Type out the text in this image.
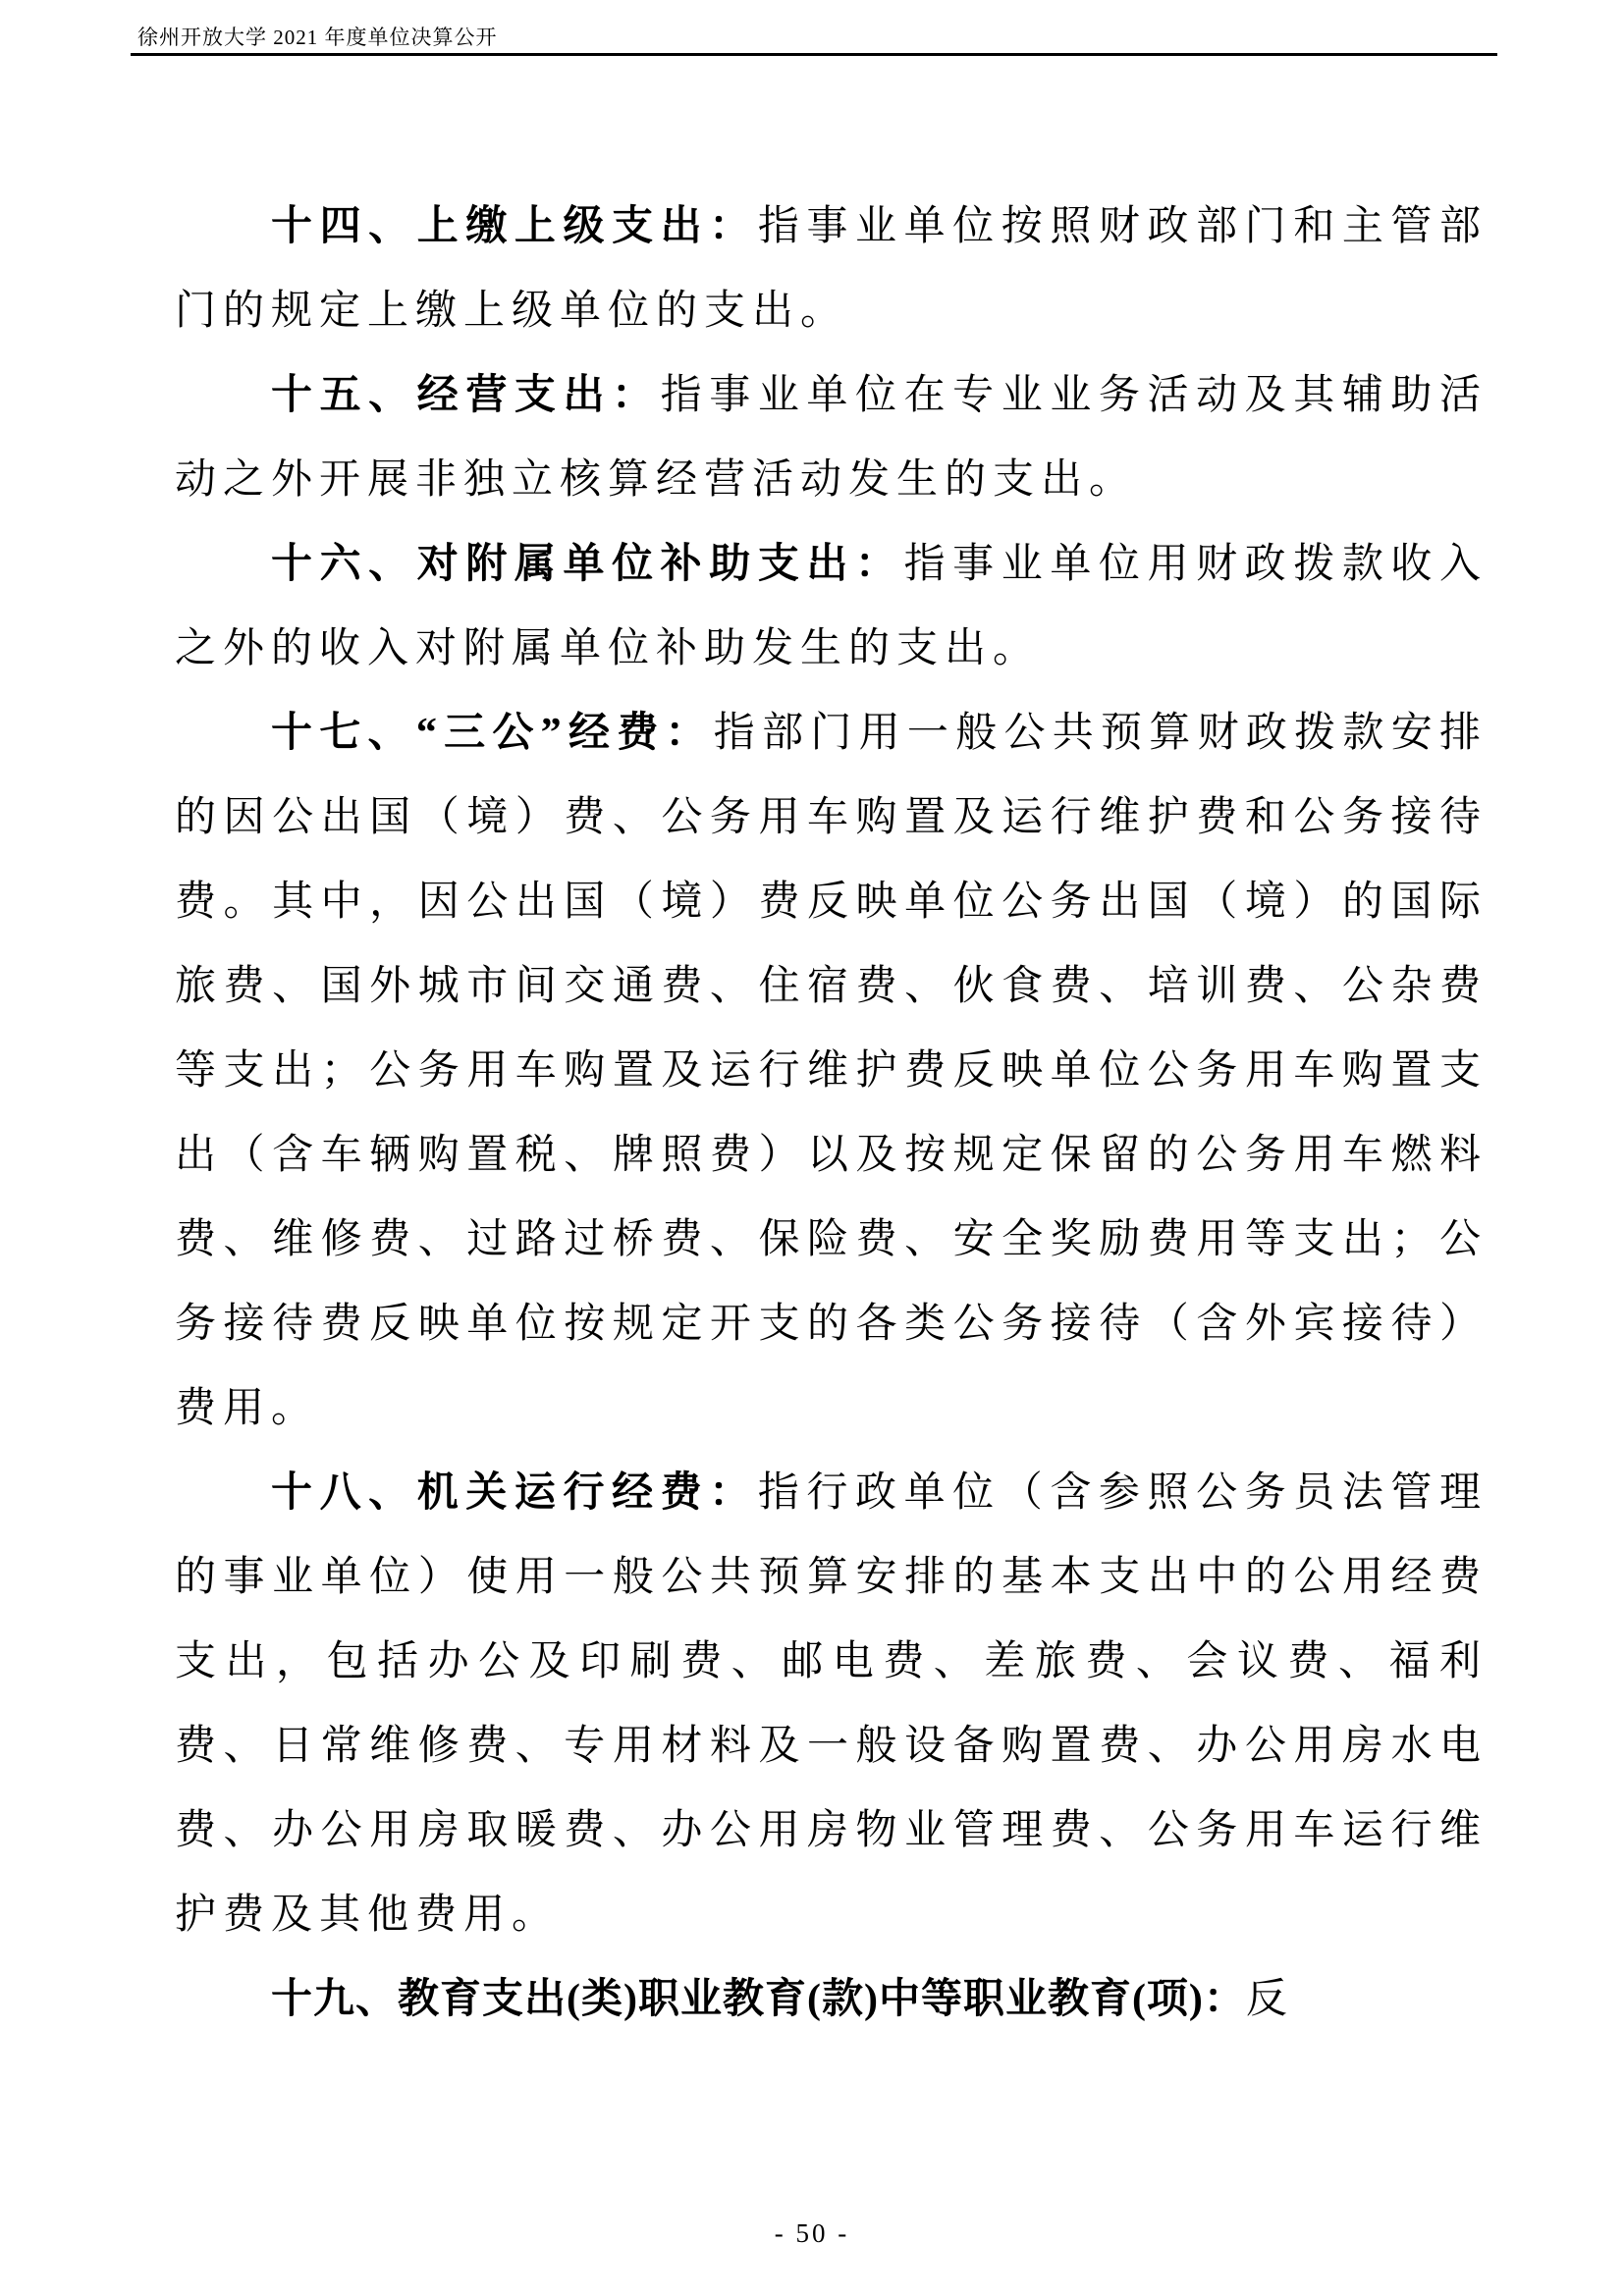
徐州开放大学 2021 年度单位决算公开

十四、上缴上级支出：指事业单位按照财政部门和主管部门的规定上缴上级单位的支出。

十五、经营支出：指事业单位在专业业务活动及其辅助活动之外开展非独立核算经营活动发生的支出。

十六、对附属单位补助支出：指事业单位用财政拨款收入之外的收入对附属单位补助发生的支出。

十七、“三公”经费：指部门用一般公共预算财政拨款安排的因公出国（境）费、公务用车购置及运行维护费和公务接待费。其中，因公出国（境）费反映单位公务出国（境）的国际旅费、国外城市间交通费、住宿费、伙食费、培训费、公杂费等支出；公务用车购置及运行维护费反映单位公务用车购置支出（含车辆购置税、牌照费）以及按规定保留的公务用车燃料费、维修费、过路过桥费、保险费、安全奖励费用等支出；公务接待费反映单位按规定开支的各类公务接待（含外宾接待）费用。

十八、机关运行经费：指行政单位（含参照公务员法管理的事业单位）使用一般公共预算安排的基本支出中的公用经费支出，包括办公及印刷费、邮电费、差旅费、会议费、福利费、日常维修费、专用材料及一般设备购置费、办公用房水电费、办公用房取暖费、办公用房物业管理费、公务用车运行维护费及其他费用。

十九、教育支出(类)职业教育(款)中等职业教育(项)：反

- 50 -
